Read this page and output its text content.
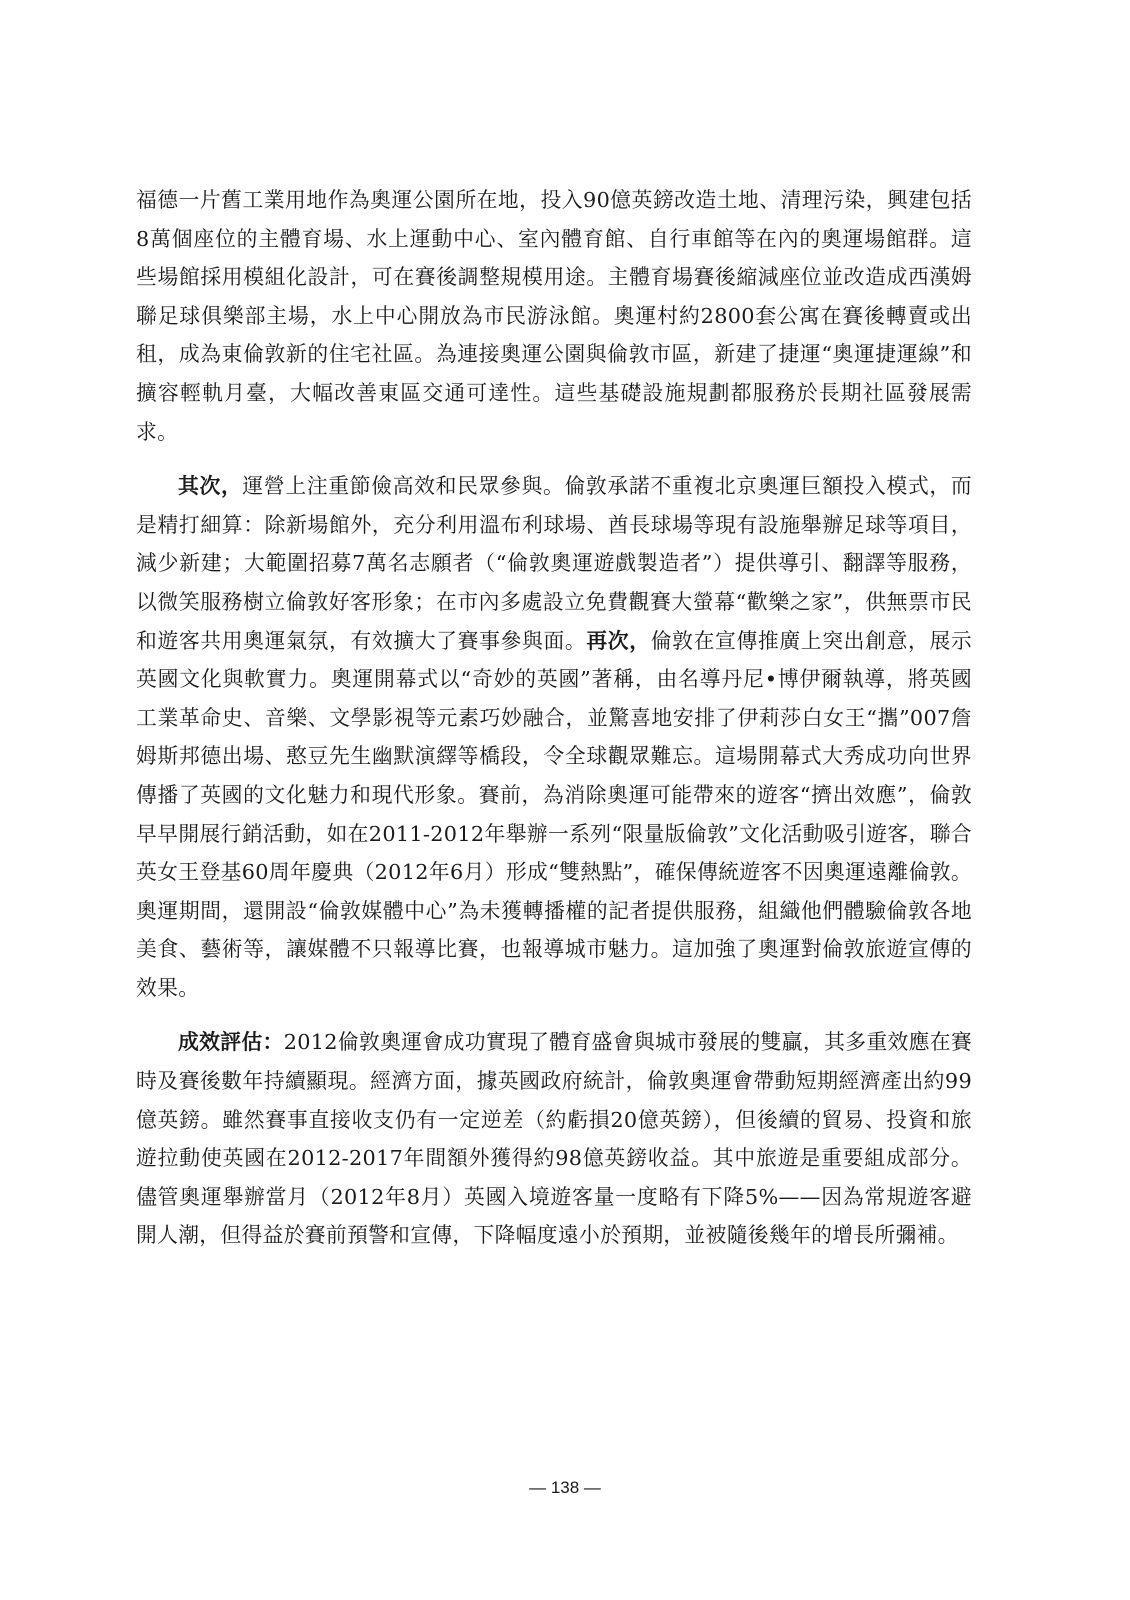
福德一片舊工業用地作為奧運公園所在地，投入90億英鎊改造土地、清理污染，興建包括8萬個座位的主體育場、水上運動中心、室內體育館、自行車館等在內的奧運場館群。這些場館採用模組化設計，可在賽後調整規模用途。主體育場賽後縮減座位並改造成西漢姆聯足球俱樂部主場，水上中心開放為市民游泳館。奧運村約2800套公寓在賽後轉賣或出租，成為東倫敦新的住宅社區。為連接奧運公園與倫敦市區，新建了捷運“奧運捷運線”和擴容輕軌月臺，大幅改善東區交通可達性。這些基礎設施規劃都服務於長期社區發展需求。

其次，運營上注重節儉高效和民眾參與。倫敦承諾不重複北京奧運巨額投入模式，而是精打細算：除新場館外，充分利用溫布利球場、酋長球場等現有設施舉辦足球等項目，減少新建；大範圍招募7萬名志願者（“倫敦奧運遊戲製造者”）提供導引、翻譯等服務，以微笑服務樹立倫敦好客形象；在市內多處設立免費觀賽大螢幕“歡樂之家”，供無票市民和遊客共用奧運氣氛，有效擴大了賽事參與面。再次，倫敦在宣傳推廣上突出創意，展示英國文化與軟實力。奧運開幕式以“奇妙的英國”著稱，由名導丹尼•博伊爾執導，將英國工業革命史、音樂、文學影視等元素巧妙融合，並驚喜地安排了伊莉莎白女王“攜”007詹姆斯邦德出場、憨豆先生幽默演繹等橋段，令全球觀眾難忘。這場開幕式大秀成功向世界傳播了英國的文化魅力和現代形象。賽前，為消除奧運可能帶來的遊客“擠出效應”，倫敦早早開展行銷活動，如在2011-2012年舉辦一系列“限量版倫敦”文化活動吸引遊客，聯合英女王登基60周年慶典（2012年6月）形成“雙熱點”，確保傳統遊客不因奧運遠離倫敦。奧運期間，還開設“倫敦媒體中心”為未獲轉播權的記者提供服務，組織他們體驗倫敦各地美食、藝術等，讓媒體不只報導比賽，也報導城市魅力。這加強了奧運對倫敦旅遊宣傳的效果。

成效評估：2012倫敦奧運會成功實現了體育盛會與城市發展的雙贏，其多重效應在賽時及賽後數年持續顯現。經濟方面，據英國政府統計，倫敦奧運會帶動短期經濟產出約99億英鎊。雖然賽事直接收支仍有一定逆差（約虧損20億英鎊），但後續的貿易、投資和旅遊拉動使英國在2012-2017年間額外獲得約98億英鎊收益。其中旅遊是重要組成部分。儘管奧運舉辦當月（2012年8月）英國入境遊客量一度略有下降5%——因為常規遊客避開人潮，但得益於賽前預警和宣傳，下降幅度遠小於預期，並被隨後幾年的增長所彌補。

— 138 —
